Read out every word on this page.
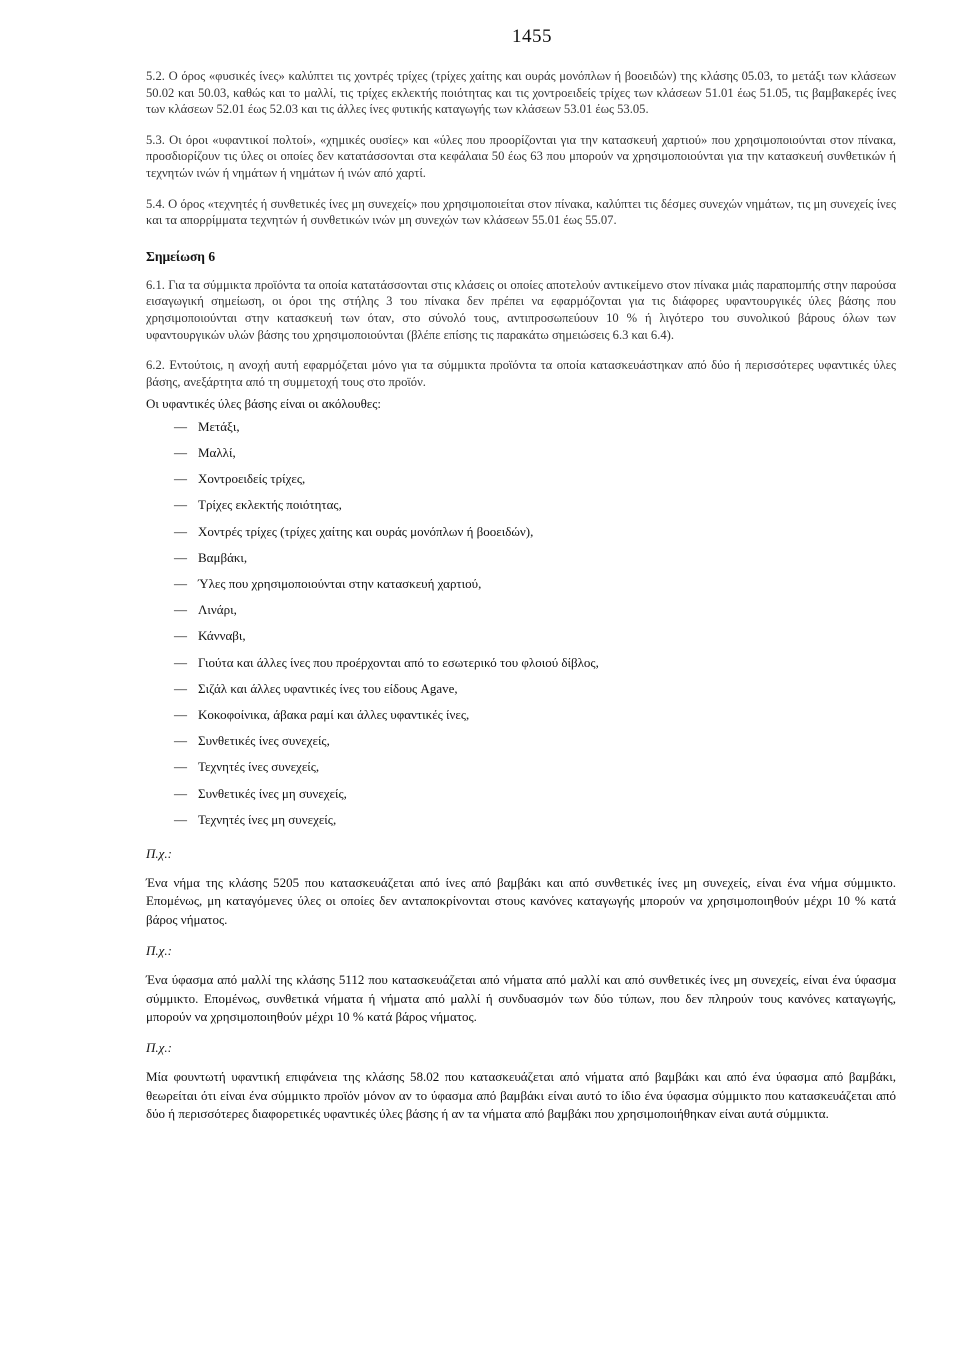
1455

5.2. Ο όρος «φυσικές ίνες» καλύπτει τις χοντρές τρίχες (τρίχες χαίτης και ουράς μονόπλων ή βοοειδών) της κλάσης 05.03, το μετάξι των κλάσεων 50.02 και 50.03, καθώς και το μαλλί, τις τρίχες εκλεκτής ποιότητας και τις χοντροειδείς τρίχες των κλάσεων 51.01 έως 51.05, τις βαμβακερές ίνες των κλάσεων 52.01 έως 52.03 και τις άλλες ίνες φυτικής καταγωγής των κλάσεων 53.01 έως 53.05.

5.3. Οι όροι «υφαντικοί πολτοί», «χημικές ουσίες» και «ύλες που προορίζονται για την κατασκευή χαρτιού» που χρησιμοποιούνται στον πίνακα, προσδιορίζουν τις ύλες οι οποίες δεν κατατάσσονται στα κεφάλαια 50 έως 63 που μπορούν να χρησιμοποιούνται για την κατασκευή συνθετικών ή τεχνητών ινών ή νημάτων ή νημάτων ή ινών από χαρτί.

5.4. Ο όρος «τεχνητές ή συνθετικές ίνες μη συνεχείς» που χρησιμοποιείται στον πίνακα, καλύπτει τις δέσμες συνεχών νημάτων, τις μη συνεχείς ίνες και τα απορρίμματα τεχνητών ή συνθετικών ινών μη συνεχών των κλάσεων 55.01 έως 55.07.

Σημείωση 6

6.1. Για τα σύμμικτα προϊόντα τα οποία κατατάσσονται στις κλάσεις οι οποίες αποτελούν αντικείμενο στον πίνακα μιάς παραπομπής στην παρούσα εισαγωγική σημείωση, οι όροι της στήλης 3 του πίνακα δεν πρέπει να εφαρμόζονται για τις διάφορες υφαντουργικές ύλες βάσης που χρησιμοποιούνται στην κατασκευή των όταν, στο σύνολό τους, αντιπροσωπεύουν 10 % ή λιγότερο του συνολικού βάρους όλων των υφαντουργικών υλών βάσης του χρησιμοποιούνται (βλέπε επίσης τις παρακάτω σημειώσεις 6.3 και 6.4).

6.2. Εντούτοις, η ανοχή αυτή εφαρμόζεται μόνο για τα σύμμικτα προϊόντα τα οποία κατασκευάστηκαν από δύο ή περισσότερες υφαντικές ύλες βάσης, ανεξάρτητα από τη συμμετοχή τους στο προϊόν.

Οι υφαντικές ύλες βάσης είναι οι ακόλουθες:

— Μετάξι,
— Μαλλί,
— Χοντροειδείς τρίχες,
— Τρίχες εκλεκτής ποιότητας,
— Χοντρές τρίχες (τρίχες χαίτης και ουράς μονόπλων ή βοοειδών),
— Βαμβάκι,
— Ύλες που χρησιμοποιούνται στην κατασκευή χαρτιού,
— Λινάρι,
— Κάνναβι,
— Γιούτα και άλλες ίνες που προέρχονται από το εσωτερικό του φλοιού δίβλος,
— Σιζάλ και άλλες υφαντικές ίνες του είδους Agave,
— Κοκοφοίνικα, άβακα ραμί και άλλες υφαντικές ίνες,
— Συνθετικές ίνες συνεχείς,
— Τεχνητές ίνες συνεχείς,
— Συνθετικές ίνες μη συνεχείς,
— Τεχνητές ίνες μη συνεχείς,
Π.χ.:

Ένα νήμα της κλάσης 5205 που κατασκευάζεται από ίνες από βαμβάκι και από συνθετικές ίνες μη συνεχείς, είναι ένα νήμα σύμμικτο. Επομένως, μη καταγόμενες ύλες οι οποίες δεν ανταποκρίνονται στους κανόνες καταγωγής μπορούν να χρησιμοποιηθούν μέχρι 10 % κατά βάρος νήματος.

Π.χ.:

Ένα ύφασμα από μαλλί της κλάσης 5112 που κατασκευάζεται από νήματα από μαλλί και από συνθετικές ίνες μη συνεχείς, είναι ένα ύφασμα σύμμικτο. Επομένως, συνθετικά νήματα ή νήματα από μαλλί ή συνδυασμόν των δύο τύπων, που δεν πληρούν τους κανόνες καταγωγής, μπορούν να χρησιμοποιηθούν μέχρι 10 % κατά βάρος νήματος.

Π.χ.:

Μία φουντωτή υφαντική επιφάνεια της κλάσης 58.02 που κατασκευάζεται από νήματα από βαμβάκι και από ένα ύφασμα από βαμβάκι, θεωρείται ότι είναι ένα σύμμικτο προϊόν μόνον αν το ύφασμα από βαμβάκι είναι αυτό το ίδιο ένα ύφασμα σύμμικτο που κατασκευάζεται από δύο ή περισσότερες διαφορετικές υφαντικές ύλες βάσης ή αν τα νήματα από βαμβάκι που χρησιμοποιήθηκαν είναι αυτά σύμμικτα.
